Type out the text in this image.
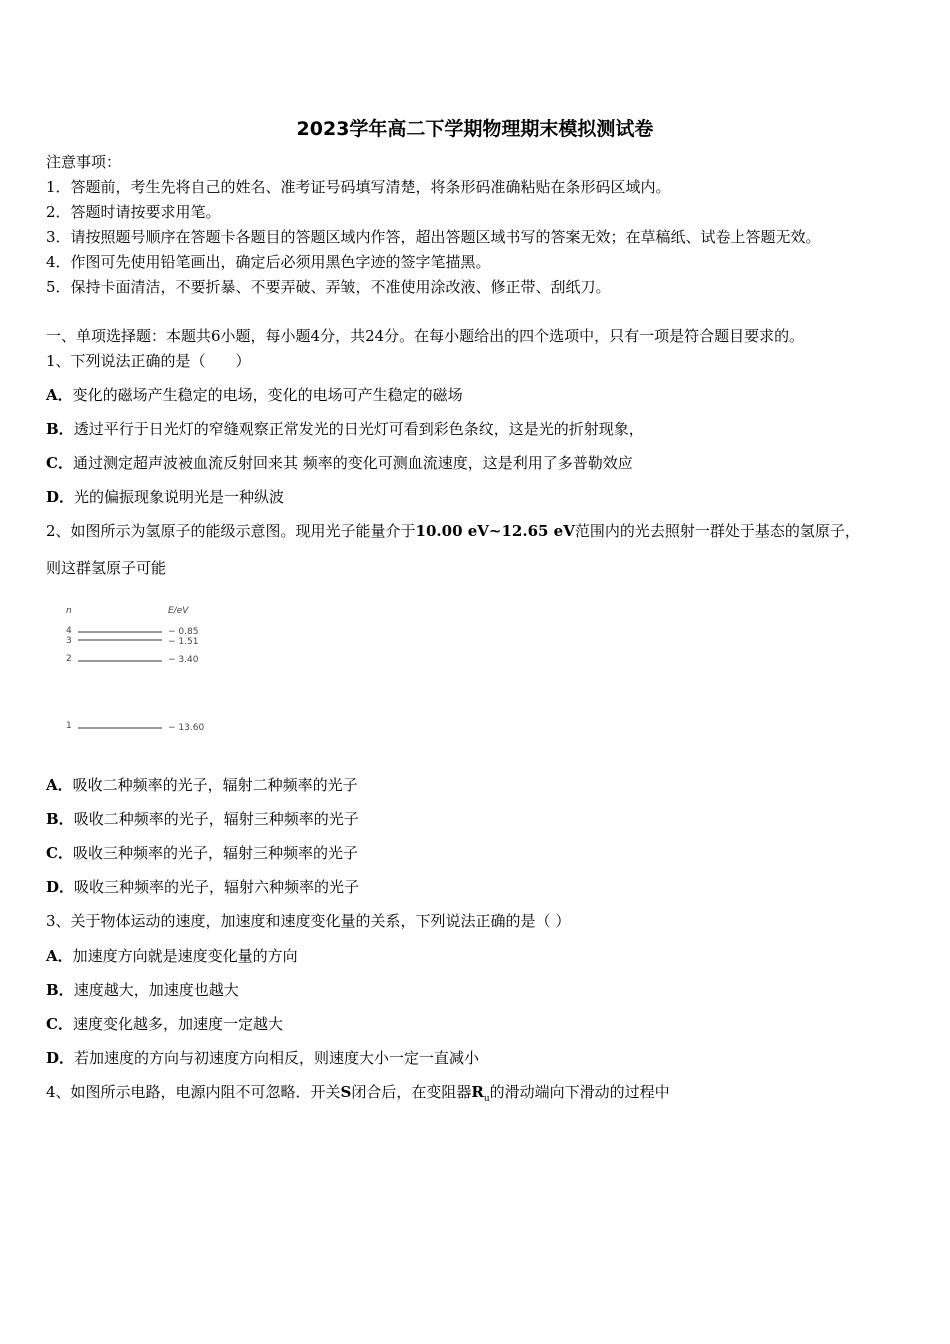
2023学年高二下学期物理期末模拟测试卷
注意事项：
1．答题前，考生先将自己的姓名、准考证号码填写清楚，将条形码准确粘贴在条形码区域内。
2．答题时请按要求用笔。
3．请按照题号顺序在答题卡各题目的答题区域内作答，超出答题区域书写的答案无效；在草稿纸、试卷上答题无效。
4．作图可先使用铅笔画出，确定后必须用黑色字迹的签字笔描黑。
5．保持卡面清洁，不要折暴、不要弄破、弄皱，不准使用涂改液、修正带、刮纸刀。
一、单项选择题：本题共6小题，每小题4分，共24分。在每小题给出的四个选项中，只有一项是符合题目要求的。
1、下列说法正确的是（　　）
A．变化的磁场产生稳定的电场，变化的电场可产生稳定的磁场
B．透过平行于日光灯的窄缝观察正常发光的日光灯可看到彩色条纹，这是光的折射现象，
C．通过测定超声波被血流反射回来其 频率的变化可测血流速度，这是利用了多普勒效应
D．光的偏振现象说明光是一种纵波
2、如图所示为氢原子的能级示意图。现用光子能量介于10.00 eV~12.65 eV范围内的光去照射一群处于基态的氢原子，
则这群氢原子可能
n	E/eV
4	− 0.85
3	− 1.51
2	− 3.40
1	− 13.60
A．吸收二种频率的光子，辐射二种频率的光子
B．吸收二种频率的光子，辐射三种频率的光子
C．吸收三种频率的光子，辐射三种频率的光子
D．吸收三种频率的光子，辐射六种频率的光子
3、关于物体运动的速度，加速度和速度变化量的关系，下列说法正确的是（ ）
A．加速度方向就是速度变化量的方向
B．速度越大，加速度也越大
C．速度变化越多，加速度一定越大
D．若加速度的方向与初速度方向相反，则速度大小一定一直减小
4、如图所示电路，电源内阻不可忽略．开关S闭合后，在变阻器$R_u$的滑动端向下滑动的过程中
